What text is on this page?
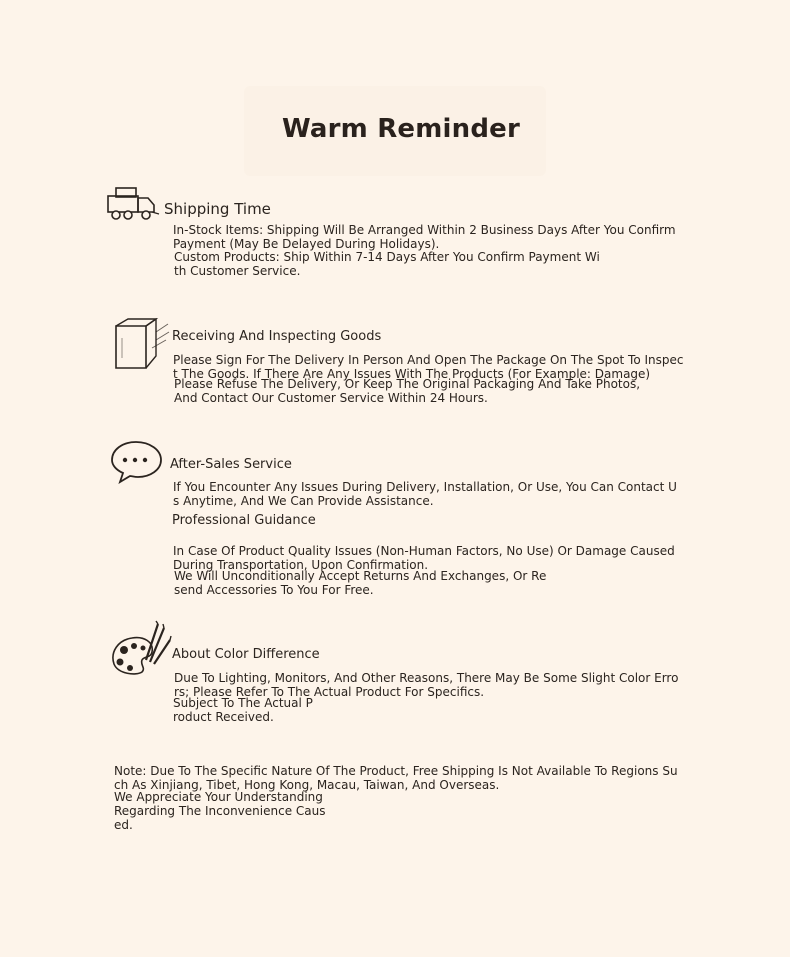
Warm Reminder
Shipping Time
In-Stock Items: Shipping Will Be Arranged Within 2 Business Days After You Confirm Payment (May Be Delayed During Holidays).
Custom Products: Ship Within 7-14 Days After You Confirm Payment With Customer Service.
Receiving And Inspecting Goods
Please Sign For The Delivery In Person And Open The Package On The Spot To Inspect The Goods. If There Are Any Issues With The Products (For Example: Damage)
Please Refuse The Delivery, Or Keep The Original Packaging And Take Photos, And Contact Our Customer Service Within 24 Hours.
After-Sales Service
If You Encounter Any Issues During Delivery, Installation, Or Use, You Can Contact Us Anytime, And We Can Provide Assistance.
Professional Guidance
In Case Of Product Quality Issues (Non-Human Factors, No Use) Or Damage Caused During Transportation, Upon Confirmation.
We Will Unconditionally Accept Returns And Exchanges, Or Resend Accessories To You For Free.
About Color Difference
Due To Lighting, Monitors, And Other Reasons, There May Be Some Slight Color Errors; Please Refer To The Actual Product For Specifics.
Subject To The Actual Product Received.
Note: Due To The Specific Nature Of The Product, Free Shipping Is Not Available To Regions Such As Xinjiang, Tibet, Hong Kong, Macau, Taiwan, And Overseas.
We Appreciate Your Understanding Regarding The Inconvenience Caused.
